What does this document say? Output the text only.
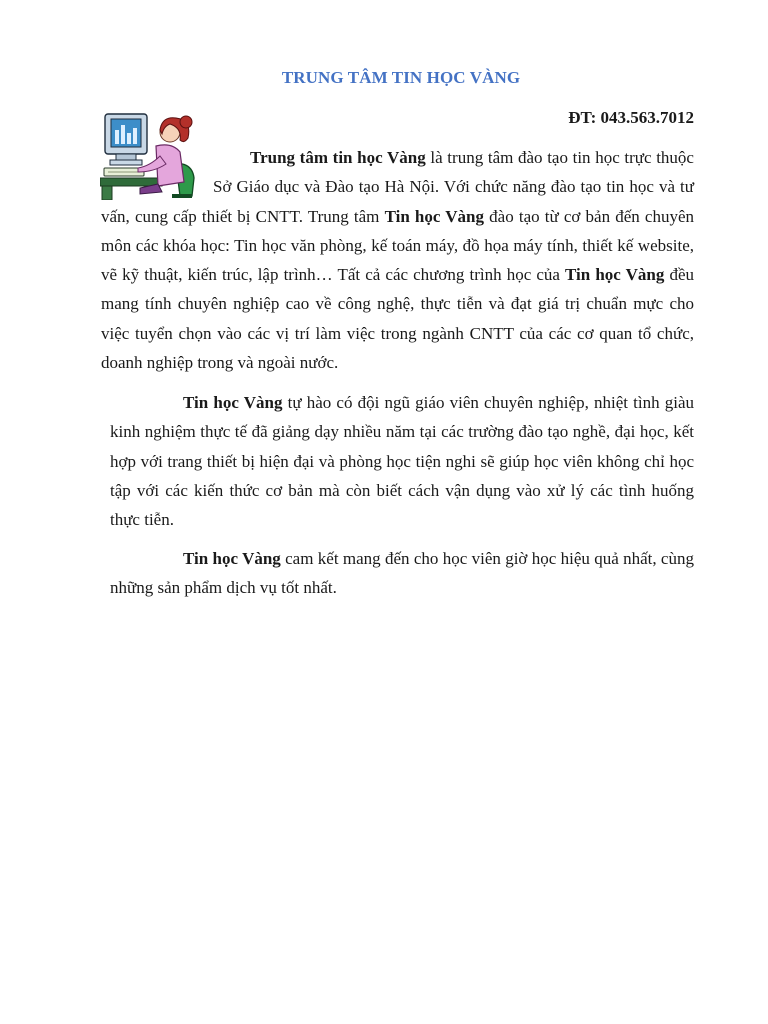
TRUNG TÂM TIN HỌC VÀNG
ĐT: 043.563.7012

Trung tâm tin học Vàng là trung tâm đào tạo tin học trực thuộc Sở Giáo dục và Đào tạo Hà Nội. Với chức năng đào tạo tin học và tư vấn, cung cấp thiết bị CNTT. Trung tâm Tin học Vàng đào tạo từ cơ bản đến chuyên môn các khóa học: Tin học văn phòng, kế toán máy, đồ họa máy tính, thiết kế website, vẽ kỹ thuật, kiến trúc, lập trình… Tất cả các chương trình học của Tin học Vàng đều mang tính chuyên nghiệp cao về công nghệ, thực tiễn và đạt giá trị chuẩn mực cho việc tuyển chọn vào các vị trí làm việc trong ngành CNTT của các cơ quan tổ chức, doanh nghiệp trong và ngoài nước.

Tin học Vàng tự hào có đội ngũ giáo viên chuyên nghiệp, nhiệt tình giàu kinh nghiệm thực tế đã giảng dạy nhiều năm tại các trường đào tạo nghề, đại học, kết hợp với trang thiết bị hiện đại và phòng học tiện nghi sẽ giúp học viên không chỉ học tập với các kiến thức cơ bản mà còn biết cách vận dụng vào xử lý các tình huống thực tiễn.

Tin học Vàng cam kết mang đến cho học viên giờ học hiệu quả nhất, cùng những sản phẩm dịch vụ tốt nhất.
